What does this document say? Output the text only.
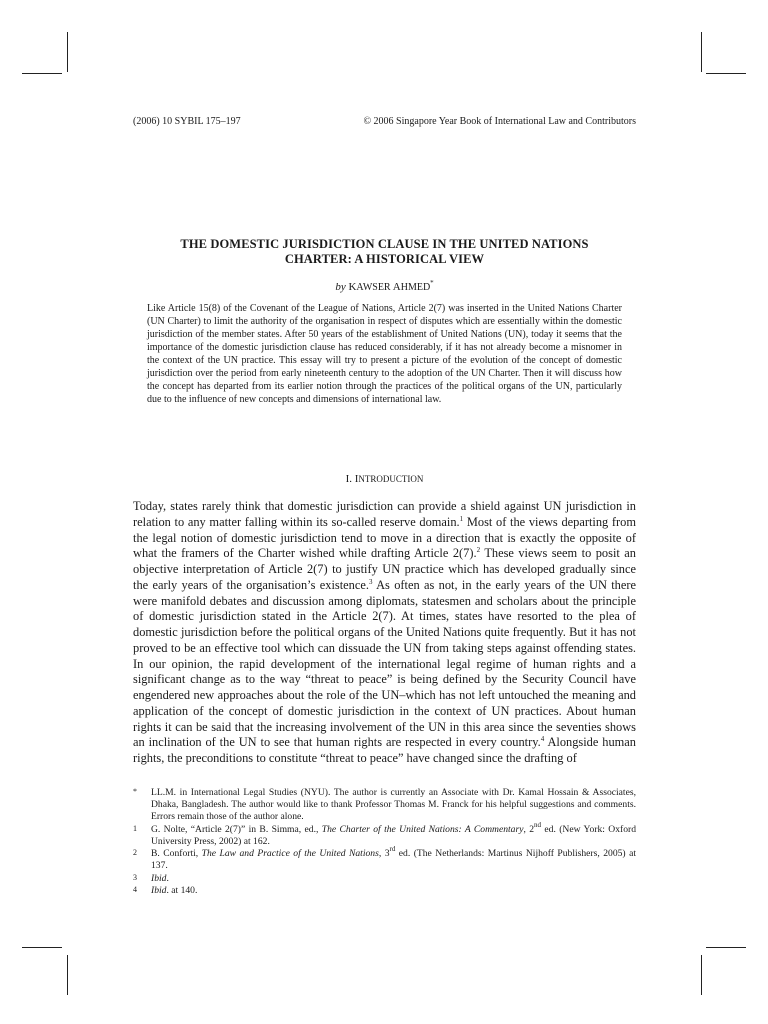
(2006) 10 SYBIL 175–197	© 2006 Singapore Year Book of International Law and Contributors
THE DOMESTIC JURISDICTION CLAUSE IN THE UNITED NATIONS
CHARTER: A HISTORICAL VIEW
by KAWSER AHMED*

Like Article 15(8) of the Covenant of the League of Nations, Article 2(7) was inserted in the United Nations Charter (UN Charter) to limit the authority of the organisation in respect of disputes which are essentially within the domestic jurisdiction of the member states. After 50 years of the establishment of United Nations (UN), today it seems that the importance of the domestic jurisdiction clause has reduced considerably, if it has not already become a misnomer in the context of the UN practice. This essay will try to present a picture of the evolution of the concept of domestic jurisdiction over the period from early nineteenth century to the adoption of the UN Charter. Then it will discuss how the concept has departed from its earlier notion through the practices of the political organs of the UN, particularly due to the influence of new concepts and dimensions of international law.

I. INTRODUCTION

Today, states rarely think that domestic jurisdiction can provide a shield against UN jurisdiction in relation to any matter falling within its so-called reserve domain.$^1$ Most of the views departing from the legal notion of domestic jurisdiction tend to move in a direction that is exactly the opposite of what the framers of the Charter wished while drafting Article 2(7).$^2$ These views seem to posit an objective interpretation of Article 2(7) to justify UN practice which has developed gradually since the early years of the organisation’s existence.$^3$ As often as not, in the early years of the UN there were manifold debates and discussion among diplomats, statesmen and scholars about the principle of domestic jurisdiction stated in the Article 2(7). At times, states have resorted to the plea of domestic jurisdiction before the political organs of the United Nations quite frequently. But it has not proved to be an effective tool which can dissuade the UN from taking steps against offending states. In our opinion, the rapid development of the international legal regime of human rights and a significant change as to the way “threat to peace” is being defined by the Security Council have engendered new approaches about the role of the UN–which has not left untouched the meaning and application of the concept of domestic jurisdiction in the context of UN practices. About human rights it can be said that the increasing involvement of the UN in this area since the seventies shows an inclination of the UN to see that human rights are respected in every country.$^4$ Alongside human rights, the preconditions to constitute “threat to peace” have changed since the drafting of

*	LL.M. in International Legal Studies (NYU). The author is currently an Associate with Dr. Kamal Hossain & Associates, Dhaka, Bangladesh. The author would like to thank Professor Thomas M. Franck for his helpful suggestions and comments. Errors remain those of the author alone.
1	G. Nolte, “Article 2(7)” in B. Simma, ed., The Charter of the United Nations: A Commentary, 2nd ed. (New York: Oxford University Press, 2002) at 162.
2	B. Conforti, The Law and Practice of the United Nations, 3rd ed. (The Netherlands: Martinus Nijhoff Publishers, 2005) at 137.
3	Ibid.
4	Ibid. at 140.
